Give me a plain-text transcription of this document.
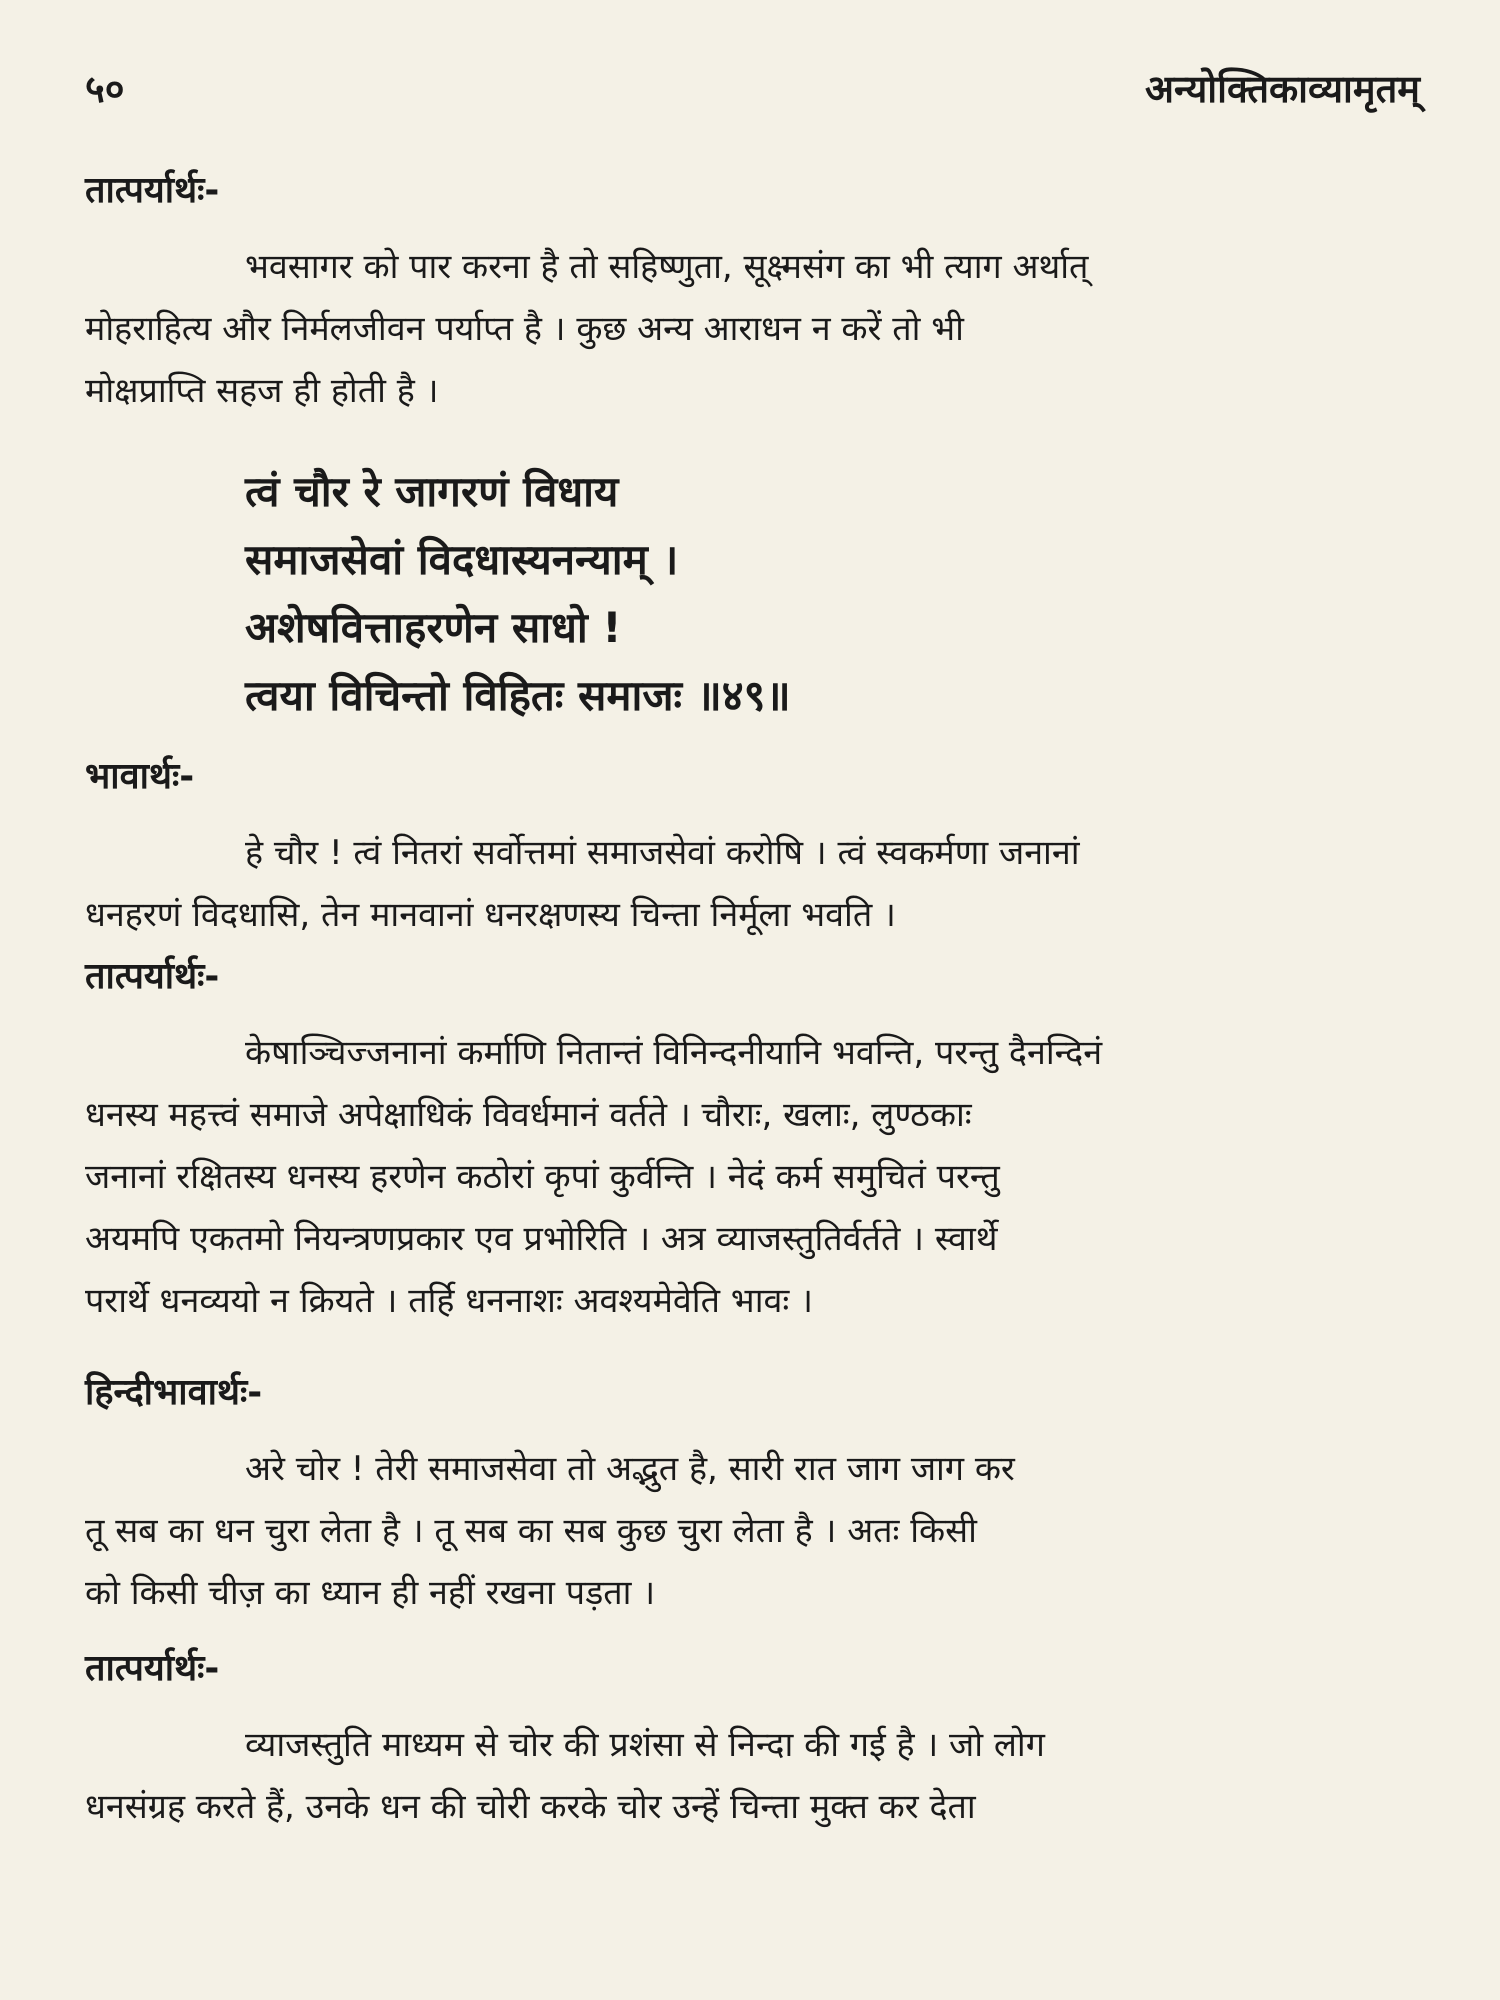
५०	अन्योक्तिकाव्यामृतम्
तात्पर्यार्थः-

भवसागर को पार करना है तो सहिष्णुता, सूक्ष्मसंग का भी त्याग अर्थात्
मोहराहित्य और निर्मलजीवन पर्याप्त है । कुछ अन्य आराधन न करें तो भी
मोक्षप्राप्ति सहज ही होती है ।

त्वं चौर रे जागरणं विधाय
समाजसेवां विदधास्यनन्याम् ।
अशेषवित्ताहरणेन साधो !
त्वया विचिन्तो विहितः समाजः ॥४९॥
भावार्थः-

हे चौर ! त्वं नितरां सर्वोत्तमां समाजसेवां करोषि । त्वं स्वकर्मणा जनानां
धनहरणं विदधासि, तेन मानवानां धनरक्षणस्य चिन्ता निर्मूला भवति ।

तात्पर्यार्थः-

केषाञ्चिज्जनानां कर्माणि नितान्तं विनिन्दनीयानि भवन्ति, परन्तु दैनन्दिनं
धनस्य महत्त्वं समाजे अपेक्षाधिकं विवर्धमानं वर्तते । चौराः, खलाः, लुण्ठकाः
जनानां रक्षितस्य धनस्य हरणेन कठोरां कृपां कुर्वन्ति । नेदं कर्म समुचितं परन्तु
अयमपि एकतमो नियन्त्रणप्रकार एव प्रभोरिति । अत्र व्याजस्तुतिर्वर्तते । स्वार्थे
परार्थे धनव्ययो न क्रियते । तर्हि धननाशः अवश्यमेवेति भावः ।

हिन्दीभावार्थः-

अरे चोर ! तेरी समाजसेवा तो अद्भुत है, सारी रात जाग जाग कर
तू सब का धन चुरा लेता है । तू सब का सब कुछ चुरा लेता है । अतः किसी
को किसी चीज़ का ध्यान ही नहीं रखना पड़ता ।

तात्पर्यार्थः-

व्याजस्तुति माध्यम से चोर की प्रशंसा से निन्दा की गई है । जो लोग
धनसंग्रह करते हैं, उनके धन की चोरी करके चोर उन्हें चिन्ता मुक्त कर देता
